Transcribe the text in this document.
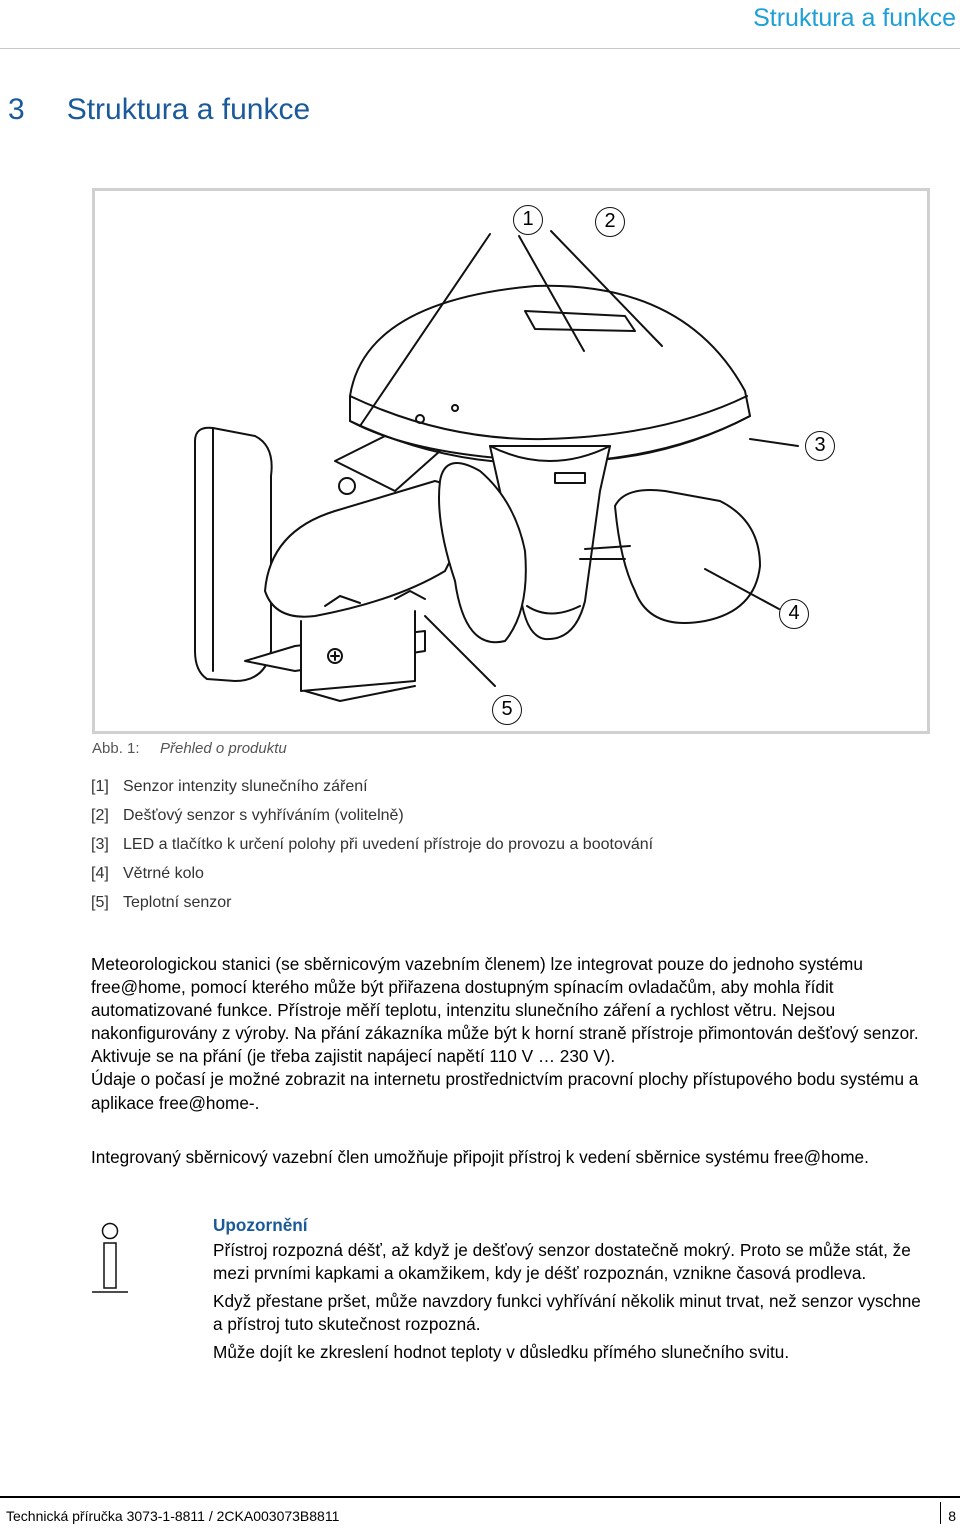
Struktura a funkce
3 Struktura a funkce
1	2
3
4
5
Abb. 1:	Přehled o produktu
[1] Senzor intenzity slunečního záření
[2] Dešťový senzor s vyhříváním (volitelně)
[3] LED a tlačítko k určení polohy při uvedení přístroje do provozu a bootování
[4] Větrné kolo
[5] Teplotní senzor
Meteorologickou stanici (se sběrnicovým vazebním členem) lze integrovat pouze do jednoho systému free@home, pomocí kterého může být přiřazena dostupným spínacím ovladačům, aby mohla řídit automatizované funkce. Přístroje měří teplotu, intenzitu slunečního záření a rychlost větru. Nejsou nakonfigurovány z výroby. Na přání zákazníka může být k horní straně přístroje přimontován dešťový senzor. Aktivuje se na přání (je třeba zajistit napájecí napětí 110 V … 230 V).
Údaje o počasí je možné zobrazit na internetu prostřednictvím pracovní plochy přístupového bodu systému a aplikace free@home-.
Integrovaný sběrnicový vazební člen umožňuje připojit přístroj k vedení sběrnice systému free@home.
Upozornění

Přístroj rozpozná déšť, až když je dešťový senzor dostatečně mokrý. Proto se může stát, že mezi prvními kapkami a okamžikem, kdy je déšť rozpoznán, vznikne časová prodleva.

Když přestane pršet, může navzdory funkci vyhřívání několik minut trvat, než senzor vyschne a přístroj tuto skutečnost rozpozná.

Může dojít ke zkreslení hodnot teploty v důsledku přímého slunečního svitu.

Technická příručka 3073-1-8811 / 2CKA003073B8811	8
